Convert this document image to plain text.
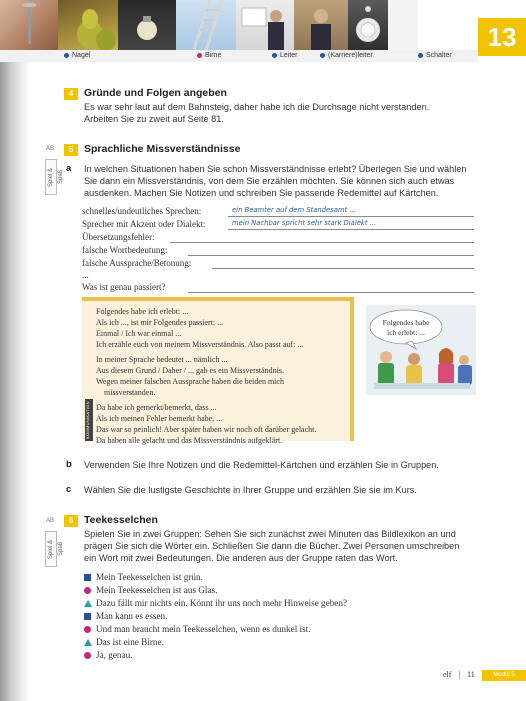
Nagel	Birne	Leiter	(Kar​riere)leiter	Schalter
13
4	Gründe und Folgen angeben
Es war sehr laut auf dem Bahnsteig, daher habe ich die Durchsage nicht verstanden.
Arbeiten Sie zu zweit auf Seite 81.
AB
Spiel & Spaß
5	Sprachliche Missverständnisse
a In welchen Situationen haben Sie schon Missverständnisse erlebt? Überlegen Sie und wählen
Sie dann ein Missverständnis, von dem Sie erzählen möchten. Sie können sich auch etwas
ausdenken. Machen Sie Notizen und schreiben Sie passende Redemittel auf Kärtchen.
schnelles/undeutliches Sprechen:	ein Beamter auf dem Standesamt ...
Sprecher mit Akzent oder Dialekt:	mein Nachbar spricht sehr stark Dialekt ...
Übersetzungsfehler:
falsche Wortbedeutung:
falsche Aussprache/Betonung:
...
Was ist genau passiert?
Folgendes habe ich erlebt: ...
Als ich ..., ist mir Folgendes passiert: ...
Einmal / Ich war einmal ...
Ich erzähle euch von meinem Missverständnis. Also passt auf: ...
In meiner Sprache bedeutet ... nämlich ...
Aus diesem Grund / Daher / ... gab es ein Missverständnis.
Wegen meiner falschen Aussprache haben die beiden mich
missverstanden.
Da habe ich gemerkt/bemerkt, dass ...
Als ich meinen Fehler bemerkt habe, ...
Das war so peinlich! Aber später haben wir noch oft darüber gelacht.
Da haben alle gelacht und das Missverständnis aufgeklärt.
KOMMUNIKATION
Folgendes habe
ich erlebt: ...
b Verwenden Sie Ihre Notizen und die Redemittel-Kärtchen und erzählen Sie in Gruppen.
c Wählen Sie die lustigste Geschichte in Ihrer Gruppe und erzählen Sie sie im Kurs.
AB
Spiel & Spaß
6	Teekesselchen
Spielen Sie in zwei Gruppen: Sehen Sie sich zunächst zwei Minuten das Bildlexikon an und
prägen Sie sich die Wörter ein. Schließen Sie dann die Bücher. Zwei Personen umschreiben
ein Wort mit zwei Bedeutungen. Die anderen aus der Gruppe raten das Wort.
Mein Teekesselchen ist grün.
Mein Teekesselchen ist aus Glas.
Dazu fällt mir nichts ein. Könnt ihr uns noch mehr Hinweise geben?
Man kann es essen.
Und man braucht mein Teekesselchen, wenn es dunkel ist.
Das ist eine Birne.
Ja, genau.
elf | 11	Modul 5
